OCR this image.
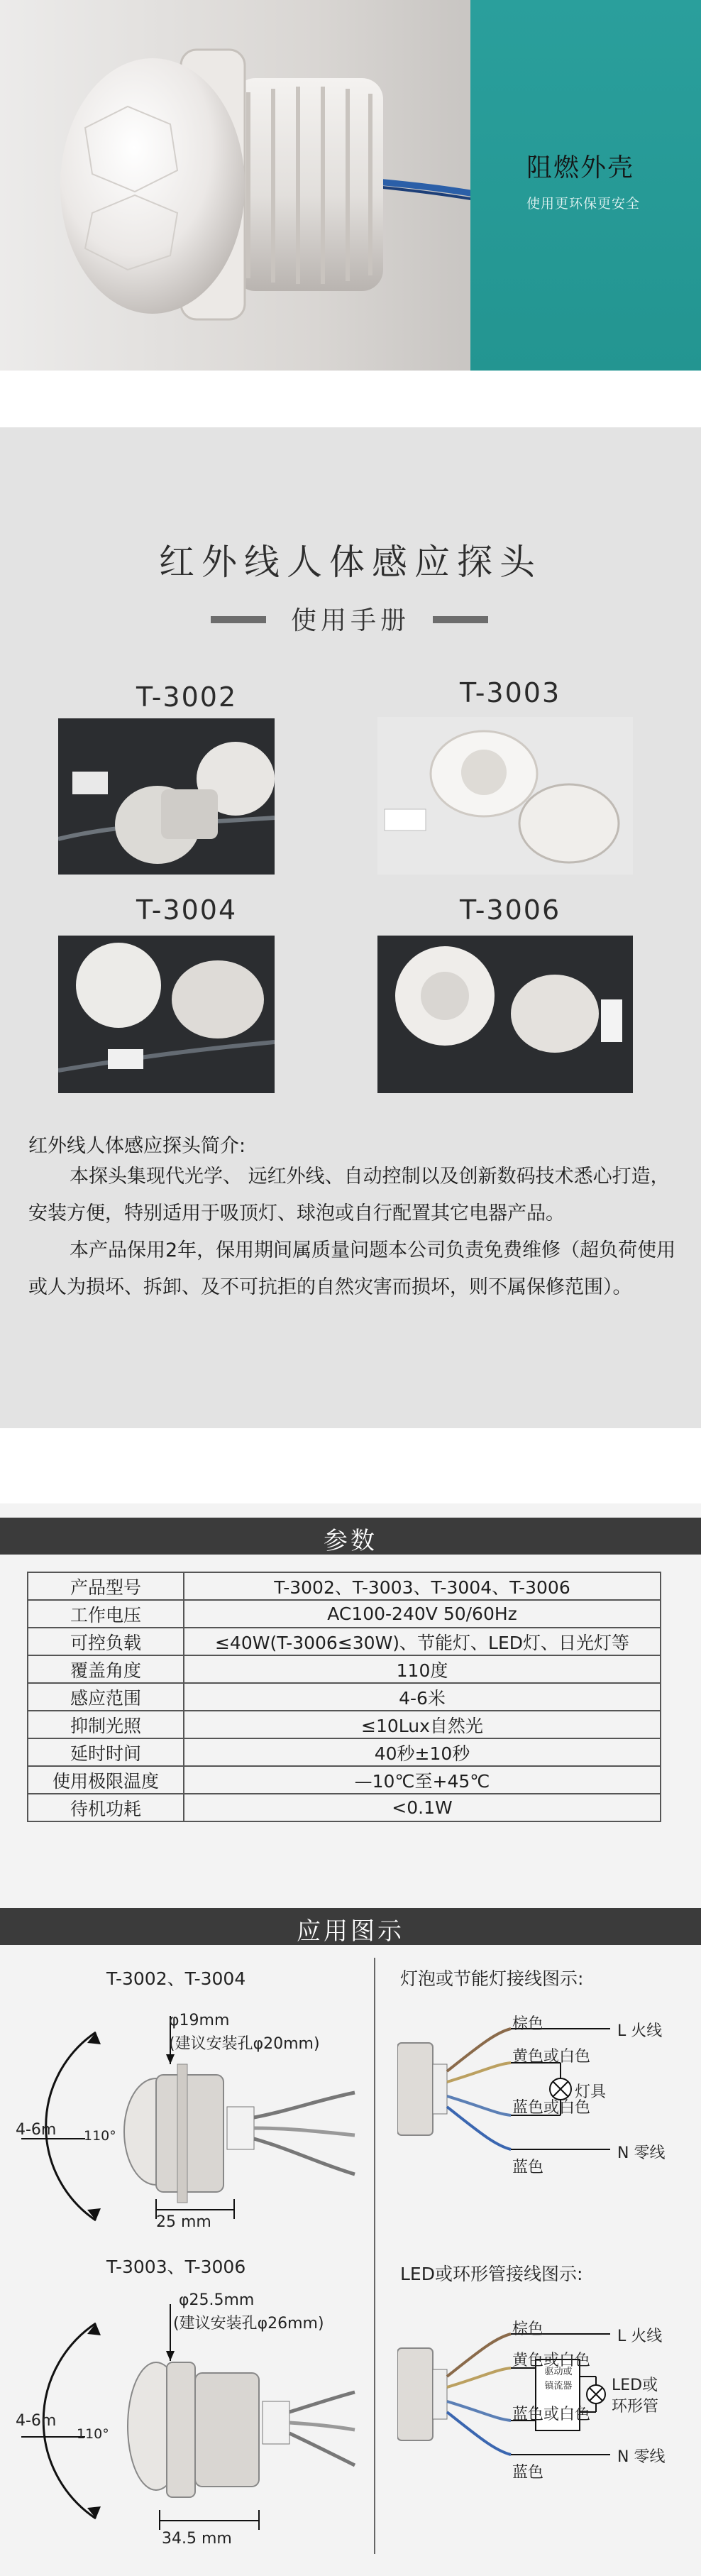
阻燃外壳
使用更环保更安全
红外线人体感应探头
使用手册
T-3002	T-3003
T-3004	T-3006
红外线人体感应探头简介:
本探头集现代光学、 远红外线、自动控制以及创新数码技术悉心打造，安装方便，特别适用于吸顶灯、球泡或自行配置其它电器产品。
本产品保用2年，保用期间属质量问题本公司负责免费维修（超负荷使用或人为损坏、拆卸、及不可抗拒的自然灾害而损坏，则不属保修范围）。
参数
产品型号	T-3002、T-3003、T-3004、T-3006
工作电压	AC100-240V 50/60Hz
可控负载	≤40W(T-3006≤30W)、节能灯、LED灯、日光灯等
覆盖角度	110度
感应范围	4-6米
抑制光照	≤10Lux自然光
延时时间	40秒±10秒
使用极限温度	—10℃至+45℃
待机功耗	<0.1W
应用图示
T-3002、T-3004
φ19mm
(建议安装孔φ20mm)
4-6m 110°
25 mm
T-3003、T-3006
φ25.5mm
(建议安装孔φ26mm)
4-6m
110°
34.5 mm
灯泡或节能灯接线图示:
棕色	L 火线
黄色或白色
灯具
蓝色或白色
N 零线
蓝色
LED或环形管接线图示:
棕色	L 火线
黄色或白色
驱动或
镇流器	LED或
环形管
蓝色或白色
N 零线
蓝色
